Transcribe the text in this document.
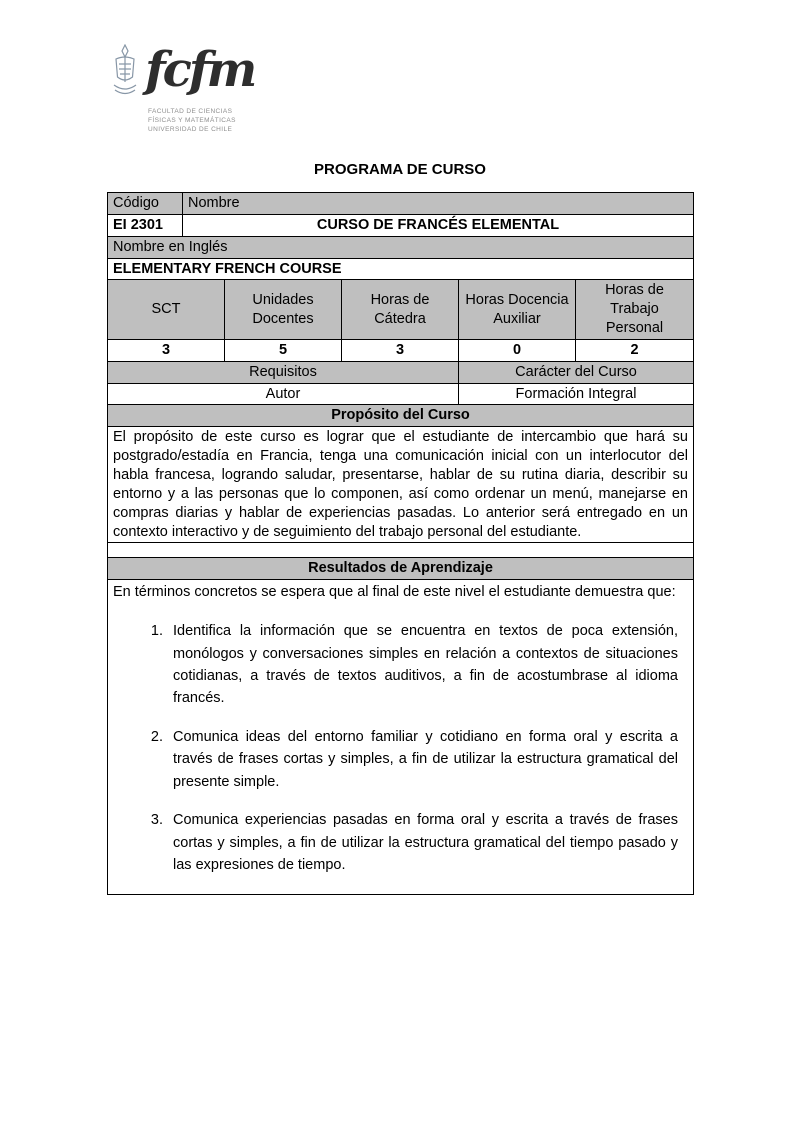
fcfm
FACULTAD DE CIENCIAS
FÍSICAS Y MATEMÁTICAS
UNIVERSIDAD DE CHILE
PROGRAMA DE CURSO
Código	Nombre				
EI 2301	CURSO DE FRANCÉS ELEMENTAL				
Nombre en Inglés					
ELEMENTARY FRENCH COURSE					
SCT		Unidades Docentes	Horas de Cátedra	Horas Docencia Auxiliar	Horas de Trabajo Personal
3		5	3	0	2
Requisitos				Carácter del Curso	
Autor				Formación Integral	
Propósito del Curso					
El propósito de este curso es lograr que el estudiante de intercambio que hará su postgrado/estadía en Francia, tenga una comunicación inicial con un interlocutor del habla francesa, logrando saludar, presentarse, hablar de su rutina diaria, describir su entorno y a las personas que lo componen, así como ordenar un menú, manejarse en compras diarias y hablar de experiencias pasadas. Lo anterior será entregado en un contexto interactivo y de seguimiento del trabajo personal del estudiante.					

Resultados de Aprendizaje					

En términos concretos se espera que al final de este nivel el estudiante demuestra que:
1. Identifica la información que se encuentra en textos de poca extensión, monólogos y conversaciones simples en relación a contextos de situaciones cotidianas, a través de textos auditivos, a fin de acostumbrase al idioma francés.
2. Comunica ideas del entorno familiar y cotidiano en forma oral y escrita a través de frases cortas y simples, a fin de utilizar la estructura gramatical del presente simple.
3. Comunica experiencias pasadas en forma oral y escrita a través de frases cortas y simples, a fin de utilizar la estructura gramatical del tiempo pasado y las expresiones de tiempo.
